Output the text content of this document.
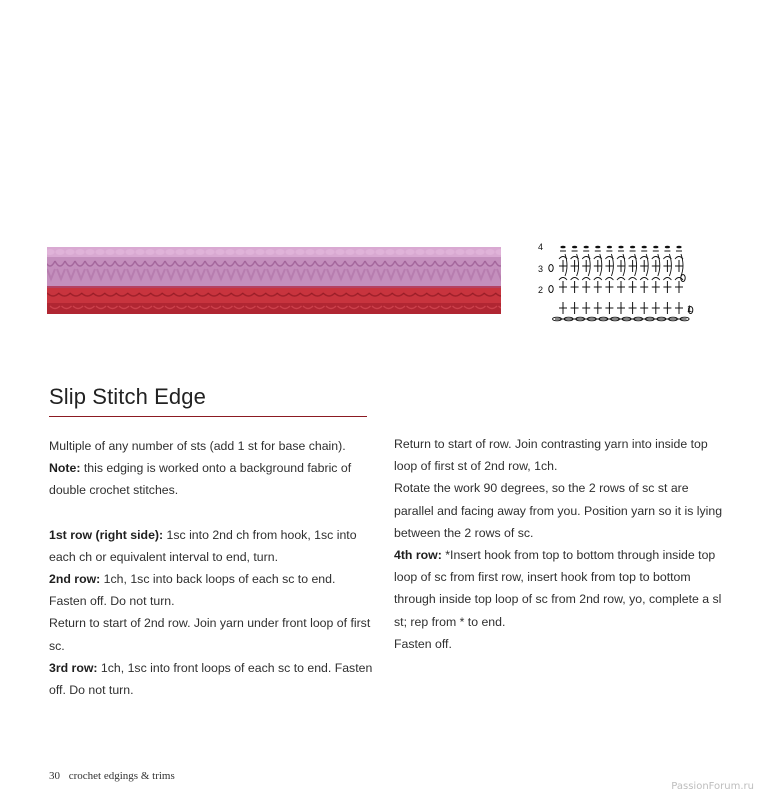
4
3
2
1
Slip Stitch Edge

Multiple of any number of sts (add 1 st for base chain).

Note: this edging is worked onto a background fabric of double crochet stitches.

1st row (right side): 1sc into 2nd ch from hook, 1sc into each ch or equivalent interval to end, turn.

2nd row: 1ch, 1sc into back loops of each sc to end. Fasten off. Do not turn.

Return to start of 2nd row. Join yarn under front loop of first sc.

3rd row: 1ch, 1sc into front loops of each sc to end. Fasten off. Do not turn.

Return to start of row. Join contrasting yarn into inside top loop of first st of 2nd row, 1ch.

Rotate the work 90 degrees, so the 2 rows of sc st are parallel and facing away from you. Position yarn so it is lying between the 2 rows of sc.

4th row: *Insert hook from top to bottom through inside top loop of sc from first row, insert hook from top to bottom through inside top loop of sc from 2nd row, yo, complete a sl st; rep from * to end.

Fasten off.

30 crochet edgings & trims
PassionForum.ru
